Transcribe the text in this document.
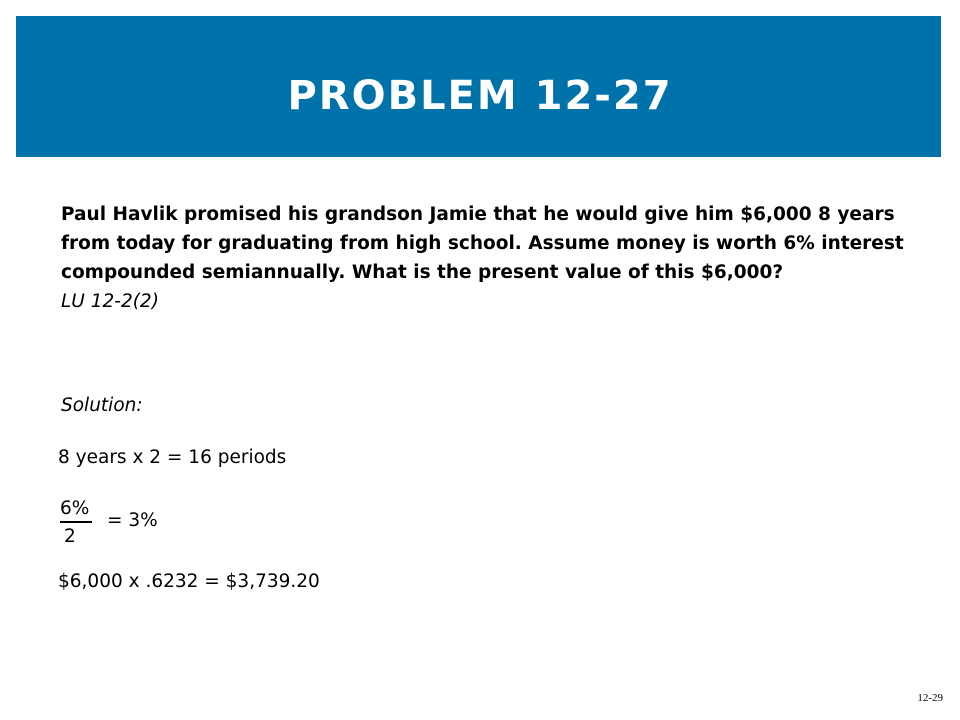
PROBLEM 12-27

Paul Havlik promised his grandson Jamie that he would give him $6,000 8 years from today for graduating from high school. Assume money is worth 6% interest compounded semiannually. What is the present value of this $6,000?

LU 12-2(2)
Solution:
8 years x 2 = 16 periods
6%
2
= 3%
$6,000 x .6232 = $3,739.20
12-29
